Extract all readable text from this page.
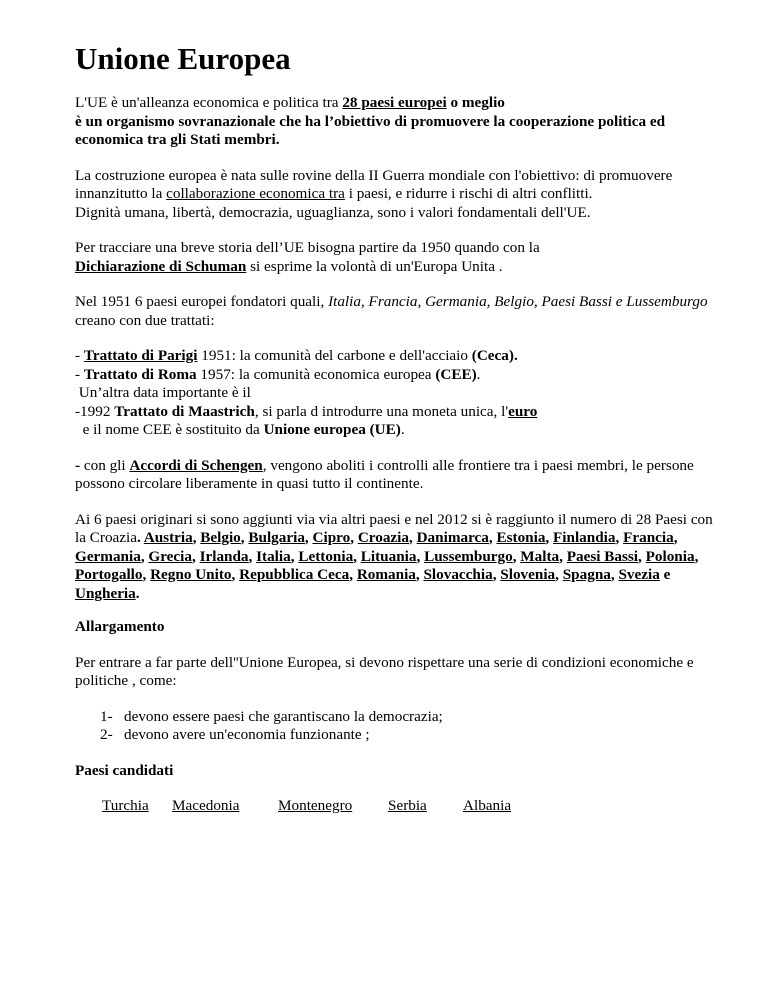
Unione Europea
L'UE è un'alleanza economica e politica tra 28 paesi europei o meglio
è un organismo sovranazionale che ha l’obiettivo di promuovere la cooperazione politica ed economica tra gli Stati membri.
La costruzione europea è nata sulle rovine della II Guerra mondiale con l'obiettivo: di promuovere innanzitutto la collaborazione economica tra i paesi, e ridurre i rischi di altri conflitti.
Dignità umana, libertà, democrazia, uguaglianza, sono i valori fondamentali dell'UE.
Per tracciare una breve storia dell’UE bisogna partire da 1950 quando con la
Dichiarazione di Schuman si esprime la volontà di un'Europa Unita .
Nel 1951 6 paesi europei fondatori quali, Italia, Francia, Germania, Belgio, Paesi Bassi e Lussemburgo creano con due trattati:
- Trattato di Parigi 1951: la comunità del carbone e dell'acciaio (Ceca).
- Trattato di Roma 1957: la comunità economica europea (CEE).
Un’altra data importante è il
-1992 Trattato di Maastrich, si parla d introdurre una moneta unica, l'euro
e il nome CEE è sostituito da Unione europea (UE).
- con gli Accordi di Schengen, vengono aboliti i controlli alle frontiere tra i paesi membri, le persone possono circolare liberamente in quasi tutto il continente.
Ai 6 paesi originari si sono aggiunti via via altri paesi e nel 2012 si è raggiunto il numero di 28 Paesi con la Croazia. Austria, Belgio, Bulgaria, Cipro, Croazia, Danimarca, Estonia, Finlandia, Francia, Germania, Grecia, Irlanda, Italia, Lettonia, Lituania, Lussemburgo, Malta, Paesi Bassi, Polonia, Portogallo, Regno Unito, Repubblica Ceca, Romania, Slovacchia, Slovenia, Spagna, Svezia e Ungheria.
Allargamento
Per entrare a far parte dell''Unione Europea, si devono rispettare una serie di condizioni economiche e politiche , come:
1- devono essere paesi che garantiscano la democrazia;
2- devono avere un'economia funzionante ;
Paesi candidati
Turchia	Macedonia	Montenegro	Serbia	Albania
